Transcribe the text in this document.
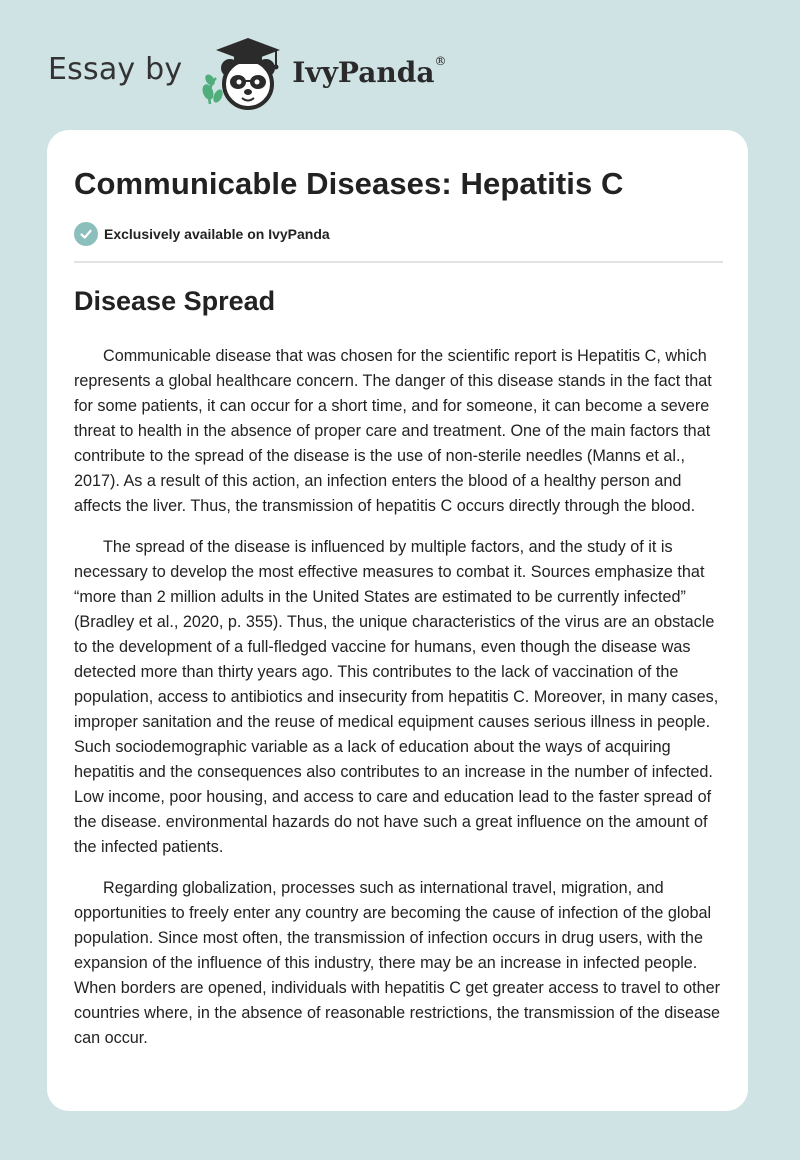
Essay by	IvyPanda®
Communicable Diseases: Hepatitis C
Exclusively available on IvyPanda
Disease Spread

Communicable disease that was chosen for the scientific report is Hepatitis C, which represents a global healthcare concern. The danger of this disease stands in the fact that for some patients, it can occur for a short time, and for someone, it can become a severe threat to health in the absence of proper care and treatment. One of the main factors that contribute to the spread of the disease is the use of non-sterile needles (Manns et al., 2017). As a result of this action, an infection enters the blood of a healthy person and affects the liver. Thus, the transmission of hepatitis C occurs directly through the blood.

The spread of the disease is influenced by multiple factors, and the study of it is necessary to develop the most effective measures to combat it. Sources emphasize that “more than 2 million adults in the United States are estimated to be currently infected” (Bradley et al., 2020, p. 355). Thus, the unique characteristics of the virus are an obstacle to the development of a full-fledged vaccine for humans, even though the disease was detected more than thirty years ago. This contributes to the lack of vaccination of the population, access to antibiotics and insecurity from hepatitis C. Moreover, in many cases, improper sanitation and the reuse of medical equipment causes serious illness in people. Such sociodemographic variable as a lack of education about the ways of acquiring hepatitis and the consequences also contributes to an increase in the number of infected. Low income, poor housing, and access to care and education lead to the faster spread of the disease. environmental hazards do not have such a great influence on the amount of the infected patients.

Regarding globalization, processes such as international travel, migration, and opportunities to freely enter any country are becoming the cause of infection of the global population. Since most often, the transmission of infection occurs in drug users, with the expansion of the influence of this industry, there may be an increase in infected people. When borders are opened, individuals with hepatitis C get greater access to travel to other countries where, in the absence of reasonable restrictions, the transmission of the disease can occur.
